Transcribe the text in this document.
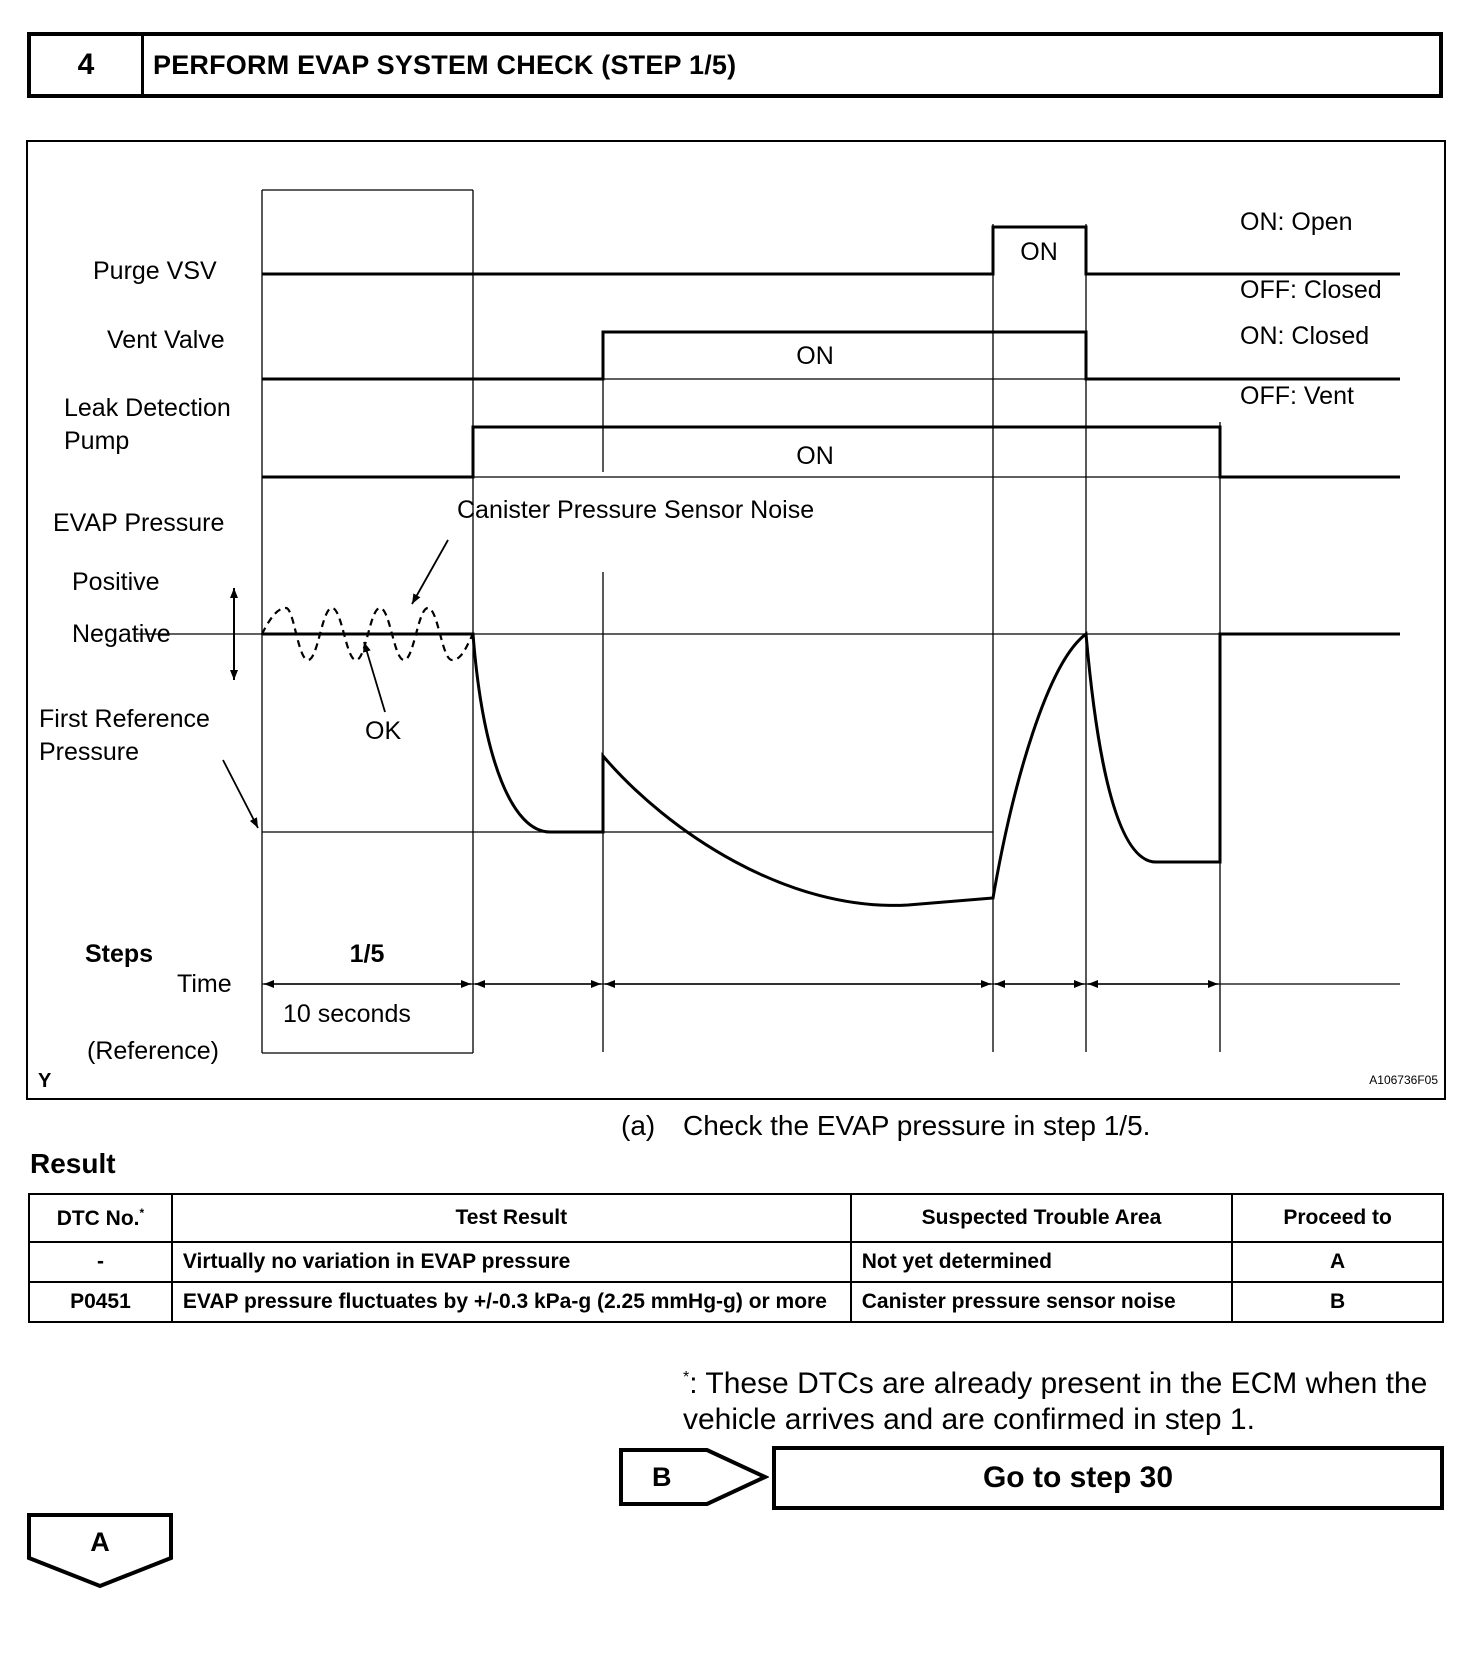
4	PERFORM EVAP SYSTEM CHECK (STEP 1/5)
Purge VSV
Vent Valve
Leak Detection
Pump
EVAP Pressure
Positive
Negative
First Reference
Pressure
ON: Open
OFF: Closed
ON: Closed
OFF: Vent
ON
ON
ON
Canister Pressure Sensor Noise
OK
Steps
Time
1/5
10 seconds
(Reference)
Y	A106736F05
(a) Check the EVAP pressure in step 1/5.
Result
DTC No.*	Test Result	Suspected Trouble Area	Proceed to
-	Virtually no variation in EVAP pressure	Not yet determined	A
P0451	EVAP pressure fluctuates by +/-0.3 kPa-g (2.25 mmHg-g) or more	Canister pressure sensor noise	B
*: These DTCs are already present in the ECM when the vehicle arrives and are confirmed in step 1.
B	Go to step 30
A
